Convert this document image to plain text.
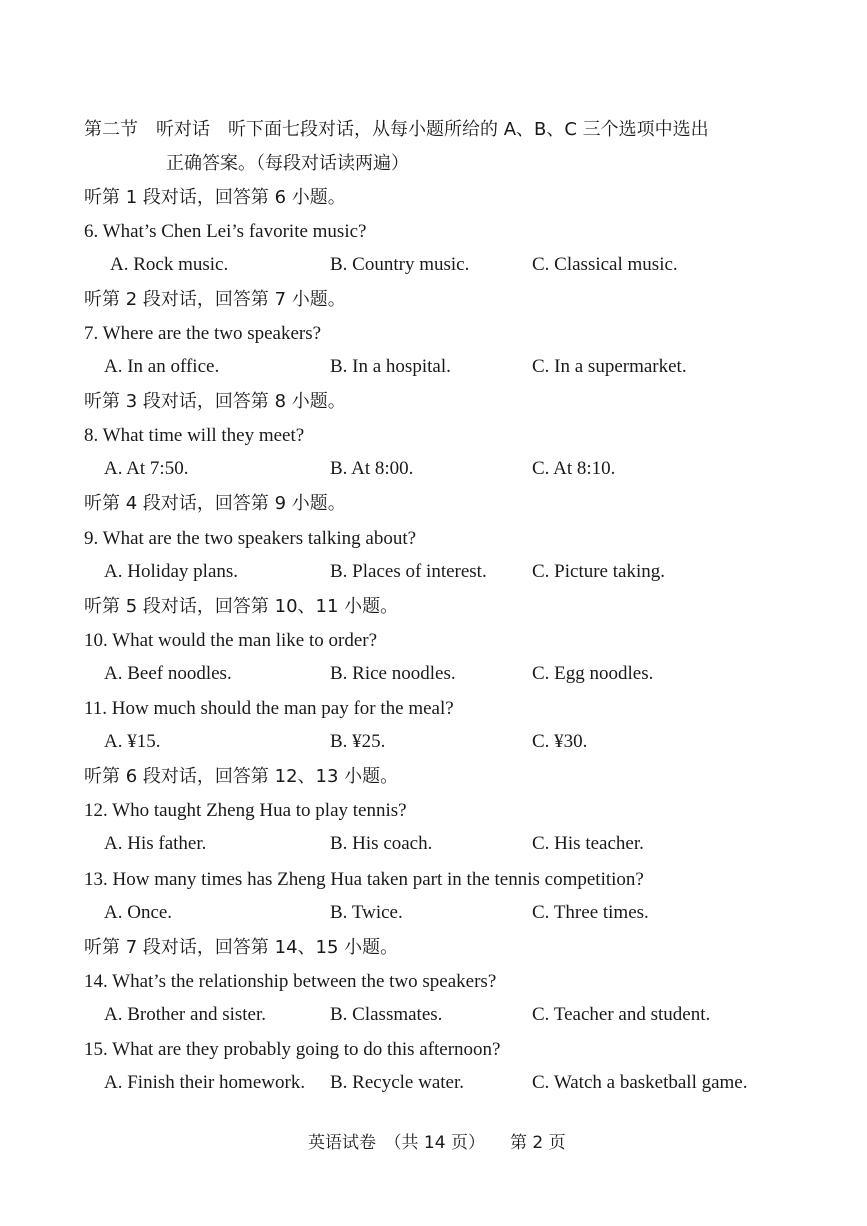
第二节　听对话　听下面七段对话，从每小题所给的 A、B、C 三个选项中选出
正确答案。（每段对话读两遍）
听第 1 段对话，回答第 6 小题。
6. What’s Chen Lei’s favorite music?
A. Rock music.	B. Country music.	C. Classical music.
听第 2 段对话，回答第 7 小题。
7. Where are the two speakers?
A. In an office.	B. In a hospital.	C. In a supermarket.
听第 3 段对话，回答第 8 小题。
8. What time will they meet?
A. At 7:50.	B. At 8:00.	C. At 8:10.
听第 4 段对话，回答第 9 小题。
9. What are the two speakers talking about?
A. Holiday plans.	B. Places of interest. C. Picture taking.
听第 5 段对话，回答第 10、11 小题。
10. What would the man like to order?
A. Beef noodles.	B. Rice noodles.	C. Egg noodles.
11. How much should the man pay for the meal?
A. ¥15.	B. ¥25.	C. ¥30.
听第 6 段对话，回答第 12、13 小题。
12. Who taught Zheng Hua to play tennis?
A. His father.	B. His coach.	C. His teacher.
13. How many times has Zheng Hua taken part in the tennis competition?
A. Once.	B. Twice.	C. Three times.
听第 7 段对话，回答第 14、15 小题。
14. What’s the relationship between the two speakers?
A. Brother and sister.	B. Classmates.	C. Teacher and student.
15. What are they probably going to do this afternoon?
A. Finish their homework. B. Recycle water.	C. Watch a basketball game.
英语试卷　（共 14 页） 第 2 页
